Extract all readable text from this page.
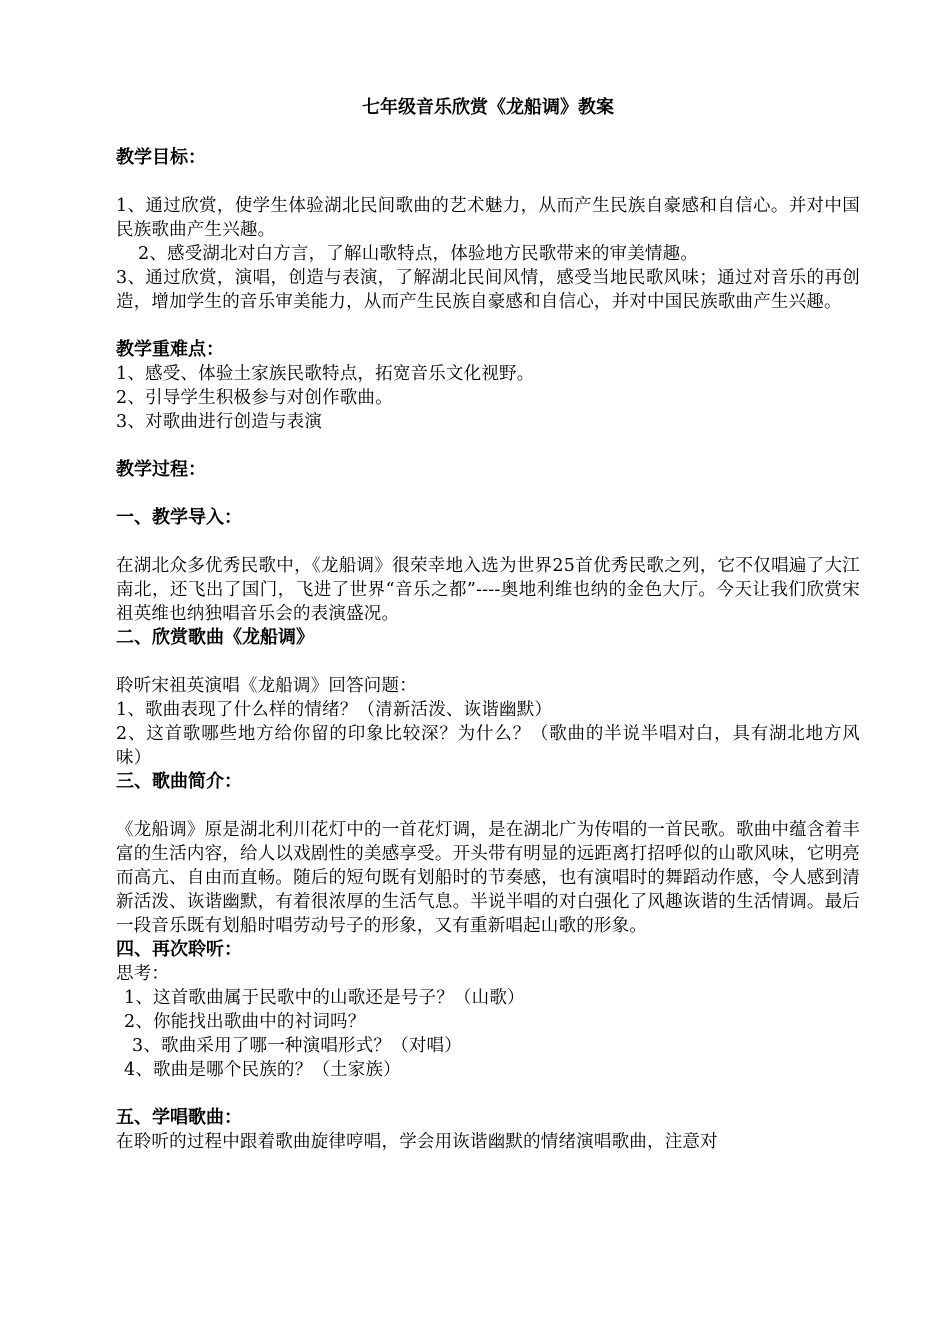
七年级音乐欣赏《龙船调》教案

教学目标：

1、通过欣赏，使学生体验湖北民间歌曲的艺术魅力，从而产生民族自豪感和自信心。并对中国民族歌曲产生兴趣。

2、感受湖北对白方言，了解山歌特点，体验地方民歌带来的审美情趣。

3、通过欣赏，演唱，创造与表演，了解湖北民间风情，感受当地民歌风味；通过对音乐的再创造，增加学生的音乐审美能力，从而产生民族自豪感和自信心，并对中国民族歌曲产生兴趣。

教学重难点：

1、感受、体验土家族民歌特点，拓宽音乐文化视野。

2、引导学生积极参与对创作歌曲。

3、对歌曲进行创造与表演

教学过程：

一、教学导入：

在湖北众多优秀民歌中，《龙船调》很荣幸地入选为世界25首优秀民歌之列，它不仅唱遍了大江南北，还飞出了国门，飞进了世界“音乐之都”----奥地利维也纳的金色大厅。今天让我们欣赏宋祖英维也纳独唱音乐会的表演盛况。

二、欣赏歌曲《龙船调》

聆听宋祖英演唱《龙船调》回答问题：

1、歌曲表现了什么样的情绪？（清新活泼、诙谐幽默）

2、这首歌哪些地方给你留的印象比较深？为什么？（歌曲的半说半唱对白，具有湖北地方风味）

三、歌曲简介：

《龙船调》原是湖北利川花灯中的一首花灯调，是在湖北广为传唱的一首民歌。歌曲中蕴含着丰富的生活内容，给人以戏剧性的美感享受。开头带有明显的远距离打招呼似的山歌风味，它明亮而高亢、自由而直畅。随后的短句既有划船时的节奏感，也有演唱时的舞蹈动作感，令人感到清新活泼、诙谐幽默，有着很浓厚的生活气息。半说半唱的对白强化了风趣诙谐的生活情调。最后一段音乐既有划船时唱劳动号子的形象，又有重新唱起山歌的形象。

四、再次聆听：

思考：

1、这首歌曲属于民歌中的山歌还是号子？（山歌）

2、你能找出歌曲中的衬词吗？

3、歌曲采用了哪一种演唱形式？（对唱）

4、歌曲是哪个民族的？（土家族）

五、学唱歌曲：

在聆听的过程中跟着歌曲旋律哼唱，学会用诙谐幽默的情绪演唱歌曲，注意对
